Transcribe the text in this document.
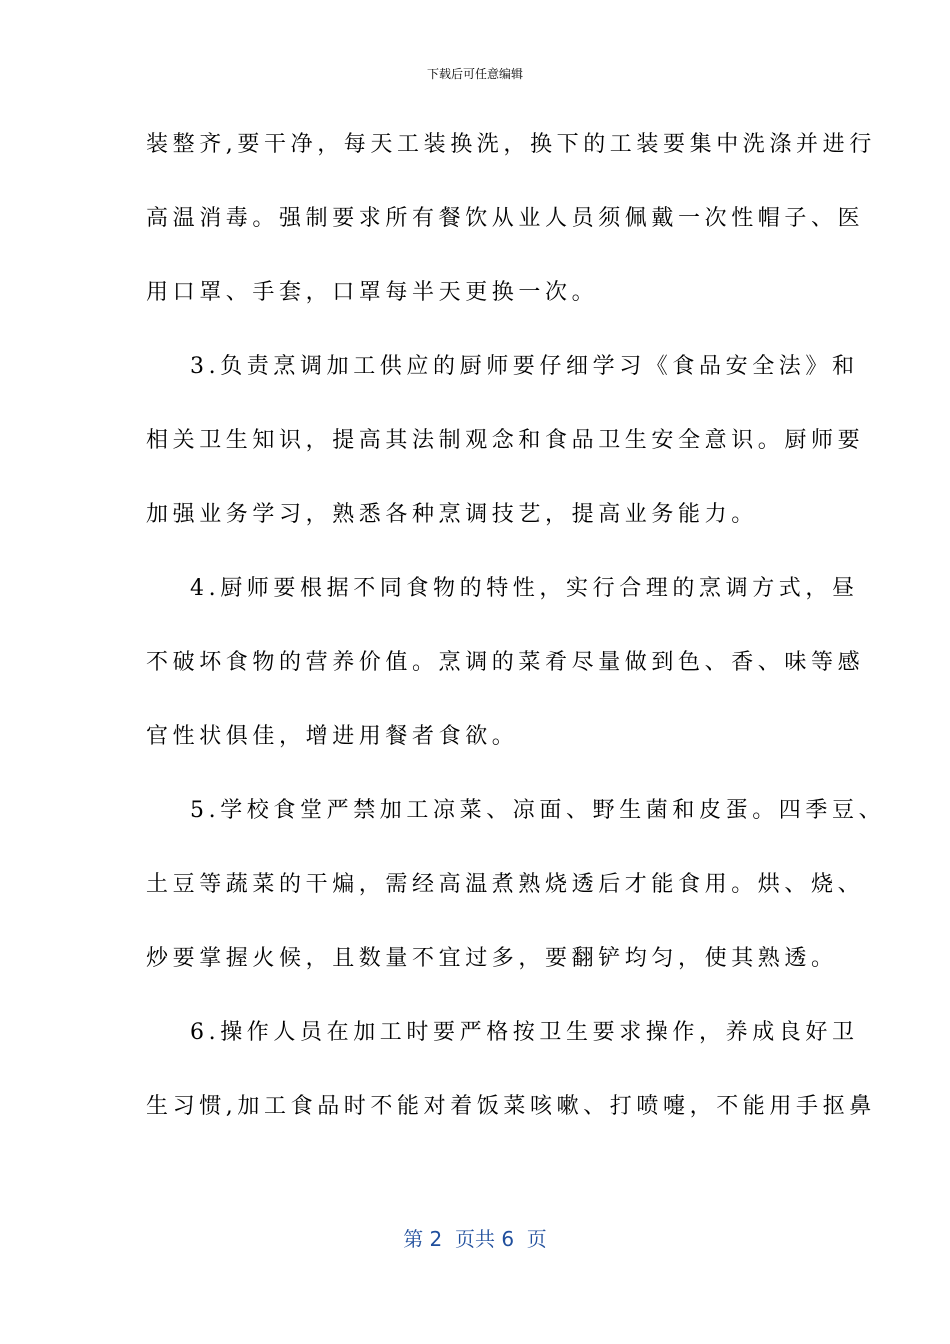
下载后可任意编辑
装整齐,要干净，每天工装换洗，换下的工装要集中洗涤并进行
高温消毒。强制要求所有餐饮从业人员须佩戴一次性帽子、医
用口罩、手套，口罩每半天更换一次。
3.负责烹调加工供应的厨师要仔细学习《食品安全法》和
相关卫生知识，提高其法制观念和食品卫生安全意识。厨师要
加强业务学习，熟悉各种烹调技艺，提高业务能力。
4.厨师要根据不同食物的特性，实行合理的烹调方式，昼
不破坏食物的营养价值。烹调的菜肴尽量做到色、香、味等感
官性状俱佳，增进用餐者食欲。
5.学校食堂严禁加工凉菜、凉面、野生菌和皮蛋。四季豆、
土豆等蔬菜的干煸，需经高温煮熟烧透后才能食用。烘、烧、
炒要掌握火候，且数量不宜过多，要翻铲均匀，使其熟透。
6.操作人员在加工时要严格按卫生要求操作，养成良好卫
生习惯,加工食品时不能对着饭菜咳嗽、打喷嚏，不能用手抠鼻
第 2  页共 6  页
